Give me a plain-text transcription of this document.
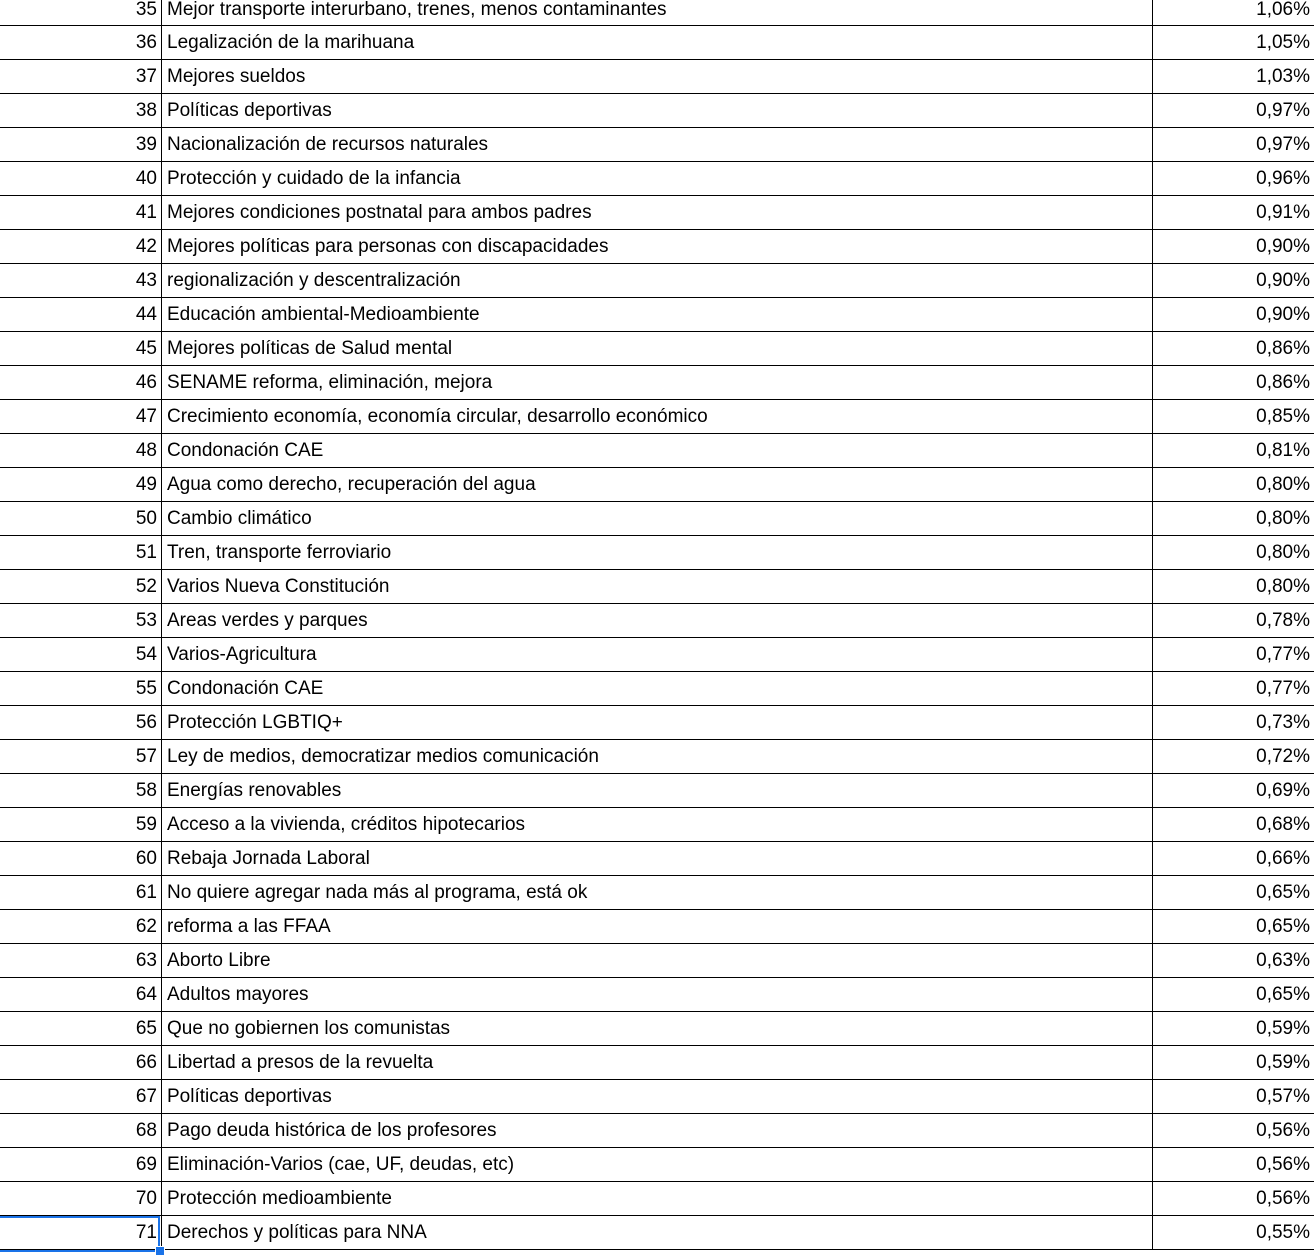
35 Mejor transporte interurbano, trenes, menos contaminantes	1,06%
36 Legalización de la marihuana	1,05%
37 Mejores sueldos	1,03%
38 Políticas deportivas	0,97%
39 Nacionalización de recursos naturales	0,97%
40 Protección y cuidado de la infancia	0,96%
41 Mejores condiciones postnatal para ambos padres	0,91%
42 Mejores políticas para personas con discapacidades	0,90%
43 regionalización y descentralización	0,90%
44 Educación ambiental-Medioambiente	0,90%
45 Mejores políticas de Salud mental	0,86%
46 SENAME reforma, eliminación, mejora	0,86%
47 Crecimiento economía, economía circular, desarrollo económico	0,85%
48 Condonación CAE	0,81%
49 Agua como derecho, recuperación del agua	0,80%
50 Cambio climático	0,80%
51 Tren, transporte ferroviario	0,80%
52 Varios Nueva Constitución	0,80%
53 Areas verdes y parques	0,78%
54 Varios-Agricultura	0,77%
55 Condonación CAE	0,77%
56 Protección LGBTIQ+	0,73%
57 Ley de medios, democratizar medios comunicación	0,72%
58 Energías renovables	0,69%
59 Acceso a la vivienda, créditos hipotecarios	0,68%
60 Rebaja Jornada Laboral	0,66%
61 No quiere agregar nada más al programa, está ok	0,65%
62 reforma a las FFAA	0,65%
63 Aborto Libre	0,63%
64 Adultos mayores	0,65%
65 Que no gobiernen los comunistas	0,59%
66 Libertad a presos de la revuelta	0,59%
67 Políticas deportivas	0,57%
68 Pago deuda histórica de los profesores	0,56%
69 Eliminación-Varios (cae, UF, deudas, etc)	0,56%
70 Protección medioambiente	0,56%
71 Derechos y políticas para NNA	0,55%
